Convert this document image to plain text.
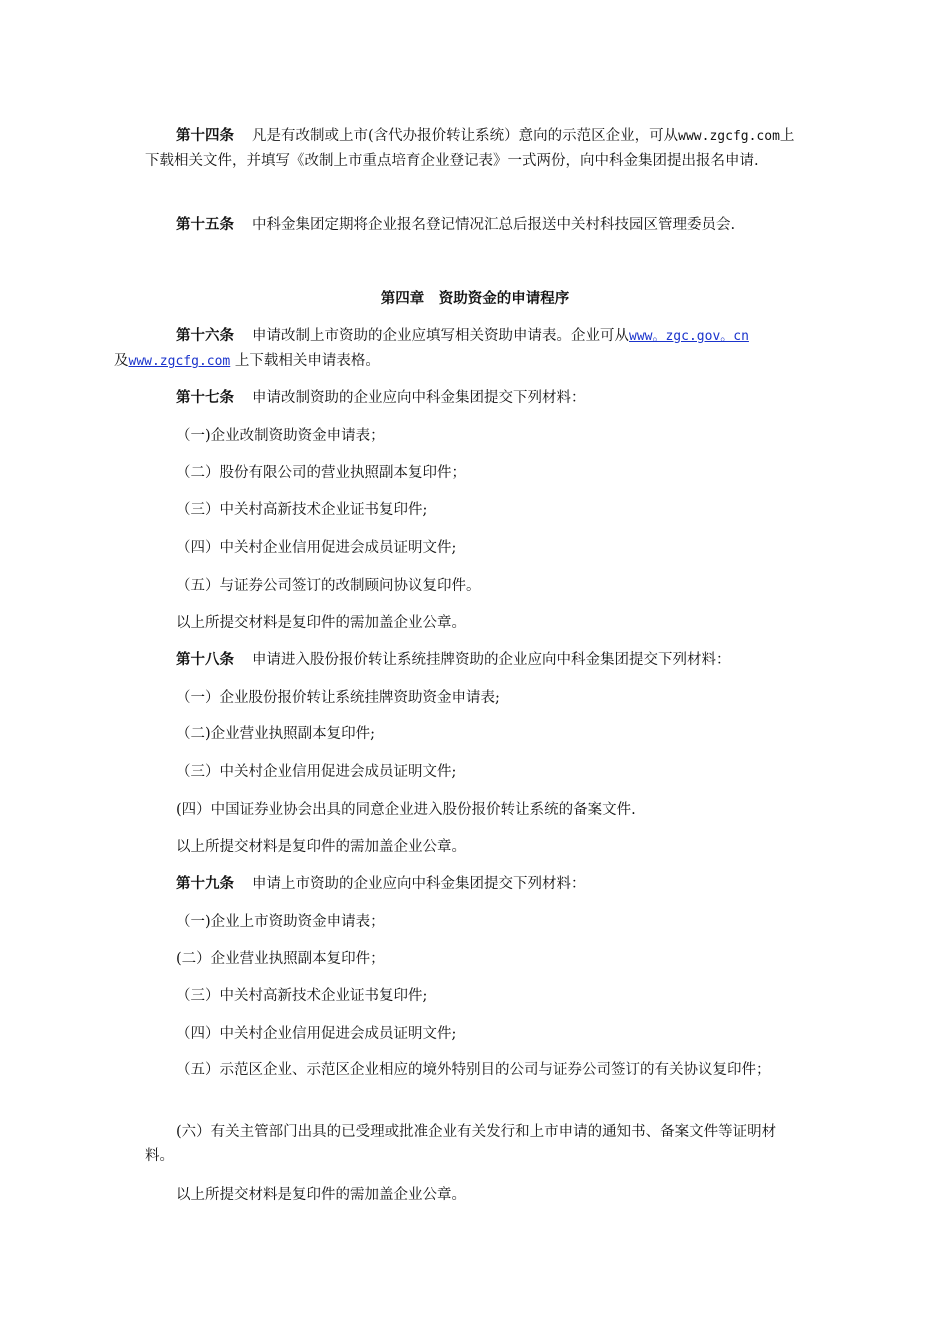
第十四条 凡是有改制或上市(含代办报价转让系统）意向的示范区企业，可从www.zgcfg.com上下载相关文件，并填写《改制上市重点培育企业登记表》一式两份，向中科金集团提出报名申请.

第十五条 中科金集团定期将企业报名登记情况汇总后报送中关村科技园区管理委员会.

第四章　资助资金的申请程序

第十六条 申请改制上市资助的企业应填写相关资助申请表。企业可从www。zgc.gov。cn
及www.zgcfg.com 上下载相关申请表格。

第十七条 申请改制资助的企业应向中科金集团提交下列材料：

（一)企业改制资助资金申请表；

（二）股份有限公司的营业执照副本复印件；

（三）中关村高新技术企业证书复印件;

（四）中关村企业信用促进会成员证明文件;

（五）与证券公司签订的改制顾问协议复印件。

以上所提交材料是复印件的需加盖企业公章。

第十八条 申请进入股份报价转让系统挂牌资助的企业应向中科金集团提交下列材料：

（一）企业股份报价转让系统挂牌资助资金申请表;

（二)企业营业执照副本复印件;

（三）中关村企业信用促进会成员证明文件;

(四）中国证券业协会出具的同意企业进入股份报价转让系统的备案文件.

以上所提交材料是复印件的需加盖企业公章。

第十九条 申请上市资助的企业应向中科金集团提交下列材料：

（一)企业上市资助资金申请表；

(二）企业营业执照副本复印件；

（三）中关村高新技术企业证书复印件;

（四）中关村企业信用促进会成员证明文件;

（五）示范区企业、示范区企业相应的境外特别目的公司与证券公司签订的有关协议复印件；

(六）有关主管部门出具的已受理或批准企业有关发行和上市申请的通知书、备案文件等证明材料。

以上所提交材料是复印件的需加盖企业公章。
